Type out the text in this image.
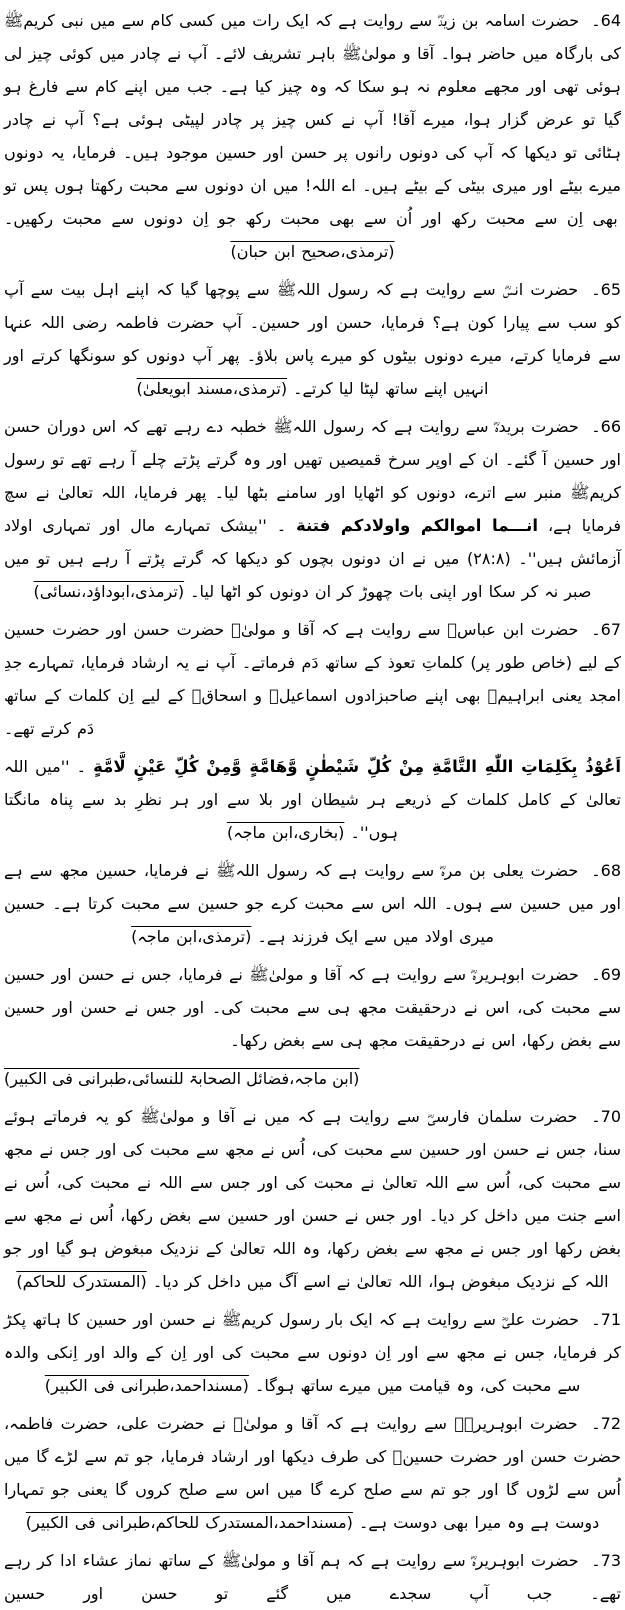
64۔ حضرت اسامہ بن زیدؓ سے روایت ہے کہ ایک رات میں کسی کام سے میں نبی کریمﷺ کی بارگاہ میں حاضر ہوا۔ آقا و مولیٰﷺ باہر تشریف لائے۔ آپ نے چادر میں کوئی چیز لی ہوئی تھی اور مجھے معلوم نہ ہو سکا کہ وہ چیز کیا ہے۔ جب میں اپنے کام سے فارغ ہو گیا تو عرض گزار ہوا، میرے آقا! آپ نے کس چیز پر چادر لپیٹی ہوئی ہے؟ آپ نے چادر ہٹائی تو دیکھا کہ آپ کی دونوں رانوں پر حسن اور حسین موجود ہیں۔ فرمایا، یہ دونوں میرے بیٹے اور میری بیٹی کے بیٹے ہیں۔ اے اللہ! میں ان دونوں سے محبت رکھتا ہوں پس تو بھی اِن سے محبت رکھ اور اُن سے بھی محبت رکھ جو اِن دونوں سے محبت رکھیں۔ (ترمذی،صحیح ابن حبان)

65۔ حضرت انسؓ سے روایت ہے کہ رسول اللہﷺ سے پوچھا گیا کہ اپنے اہل بیت سے آپ کو سب سے پیارا کون ہے؟ فرمایا، حسن اور حسین۔ آپ حضرت فاطمہ رضی اللہ عنہا سے فرمایا کرتے، میرے دونوں بیٹوں کو میرے پاس بلاؤ۔ پھر آپ دونوں کو سونگھا کرتے اور انہیں اپنے ساتھ لپٹا لیا کرتے۔ (ترمذی،مسند ابویعلیٰ)

66۔ حضرت بریدہؓ سے روایت ہے کہ رسول اللہﷺ خطبہ دے رہے تھے کہ اس دوران حسن اور حسین آ گئے۔ ان کے اوپر سرخ قمیصیں تھیں اور وہ گرتے پڑتے چلے آ رہے تھے تو رسول کریمﷺ منبر سے اترے، دونوں کو اٹھایا اور سامنے بٹھا لیا۔ پھر فرمایا، اللہ تعالیٰ نے سچ فرمایا ہے، انـــما اموالکم واولادکم فتنة ۔ ''بیشک تمہارے مال اور تمہاری اولاد آزمائش ہیں''۔ (۲۸:۸) میں نے ان دونوں بچوں کو دیکھا کہ گرتے پڑتے آ رہے ہیں تو میں صبر نہ کر سکا اور اپنی بات چھوڑ کر ان دونوں کو اٹھا لیا۔ (ترمذی،ابوداؤد،نسائی)

67۔ حضرت ابن عباسؓ سے روایت ہے کہ آقا و مولیٰﷺ حضرت حسن اور حضرت حسین کے لیے (خاص طور پر) کلماتِ تعوذ کے ساتھ دَم فرماتے۔ آپ نے یہ ارشاد فرمایا، تمہارے جدِ امجد یعنی ابراہیمؑ بھی اپنے صاحبزادوں اسماعیلؑ و اسحاقؑ کے لیے اِن کلمات کے ساتھ دَم کرتے تھے۔

اَعُوْذُ بِکَلِمَاتِ اللّٰهِ التَّامَّةِ مِنْ کُلِّ شَیْطٰنٍ وَّهَامَّةٍ وَّمِنْ کُلِّ عَیْنٍ لَّامَّةٍ ۔ ''میں اللہ تعالیٰ کے کامل کلمات کے ذریعے ہر شیطان اور بلا سے اور ہر نظرِ بد سے پناہ مانگتا ہوں''۔ (بخاری،ابن ماجہ)

68۔ حضرت یعلی بن مرہؓ سے روایت ہے کہ رسول اللہﷺ نے فرمایا، حسین مجھ سے ہے اور میں حسین سے ہوں۔ اللہ اس سے محبت کرے جو حسین سے محبت کرتا ہے۔ حسین میری اولاد میں سے ایک فرزند ہے۔ (ترمذی،ابن ماجہ)

69۔ حضرت ابوہریرہؓ سے روایت ہے کہ آقا و مولیٰﷺ نے فرمایا، جس نے حسن اور حسین سے محبت کی، اس نے درحقیقت مجھ ہی سے محبت کی۔ اور جس نے حسن اور حسین سے بغض رکھا، اس نے درحقیقت مجھ ہی سے بغض رکھا۔

(ابن ماجہ،فضائل الصحابۃ للنسائی،طبرانی فی الکبیر)

70۔ حضرت سلمان فارسیؓ سے روایت ہے کہ میں نے آقا و مولیٰﷺ کو یہ فرماتے ہوئے سنا، جس نے حسن اور حسین سے محبت کی، اُس نے مجھ سے محبت کی اور جس نے مجھ سے محبت کی، اُس سے اللہ تعالیٰ نے محبت کی اور جس سے اللہ نے محبت کی، اُس نے اسے جنت میں داخل کر دیا۔ اور جس نے حسن اور حسین سے بغض رکھا، اُس نے مجھ سے بغض رکھا اور جس نے مجھ سے بغض رکھا، وہ اللہ تعالیٰ کے نزدیک مبغوض ہو گیا اور جو اللہ کے نزدیک مبغوض ہوا، اللہ تعالیٰ نے اسے آگ میں داخل کر دیا۔ (المستدرک للحاکم)

71۔ حضرت علیؓ سے روایت ہے کہ ایک بار رسول کریمﷺ نے حسن اور حسین کا ہاتھ پکڑ کر فرمایا، جس نے مجھ سے اور اِن دونوں سے محبت کی اور اِن کے والد اور اِنکی والدہ سے محبت کی، وہ قیامت میں میرے ساتھ ہوگا۔ (مسنداحمد،طبرانی فی الکبیر)

72۔ حضرت ابوہریرہؓ سے روایت ہے کہ آقا و مولیٰﷺ نے حضرت علی، حضرت فاطمہ، حضرت حسن اور حضرت حسینؓ کی طرف دیکھا اور ارشاد فرمایا، جو تم سے لڑے گا میں اُس سے لڑوں گا اور جو تم سے صلح کرے گا میں اس سے صلح کروں گا یعنی جو تمہارا دوست ہے وہ میرا بھی دوست ہے۔ (مسنداحمد،المستدرک للحاکم،طبرانی فی الکبیر)

73۔ حضرت ابوہریرہؓ سے روایت ہے کہ ہم آقا و مولیٰﷺ کے ساتھ نماز عشاء ادا کر رہے تھے۔ جب آپ سجدے میں گئے تو حسن اور حسین
